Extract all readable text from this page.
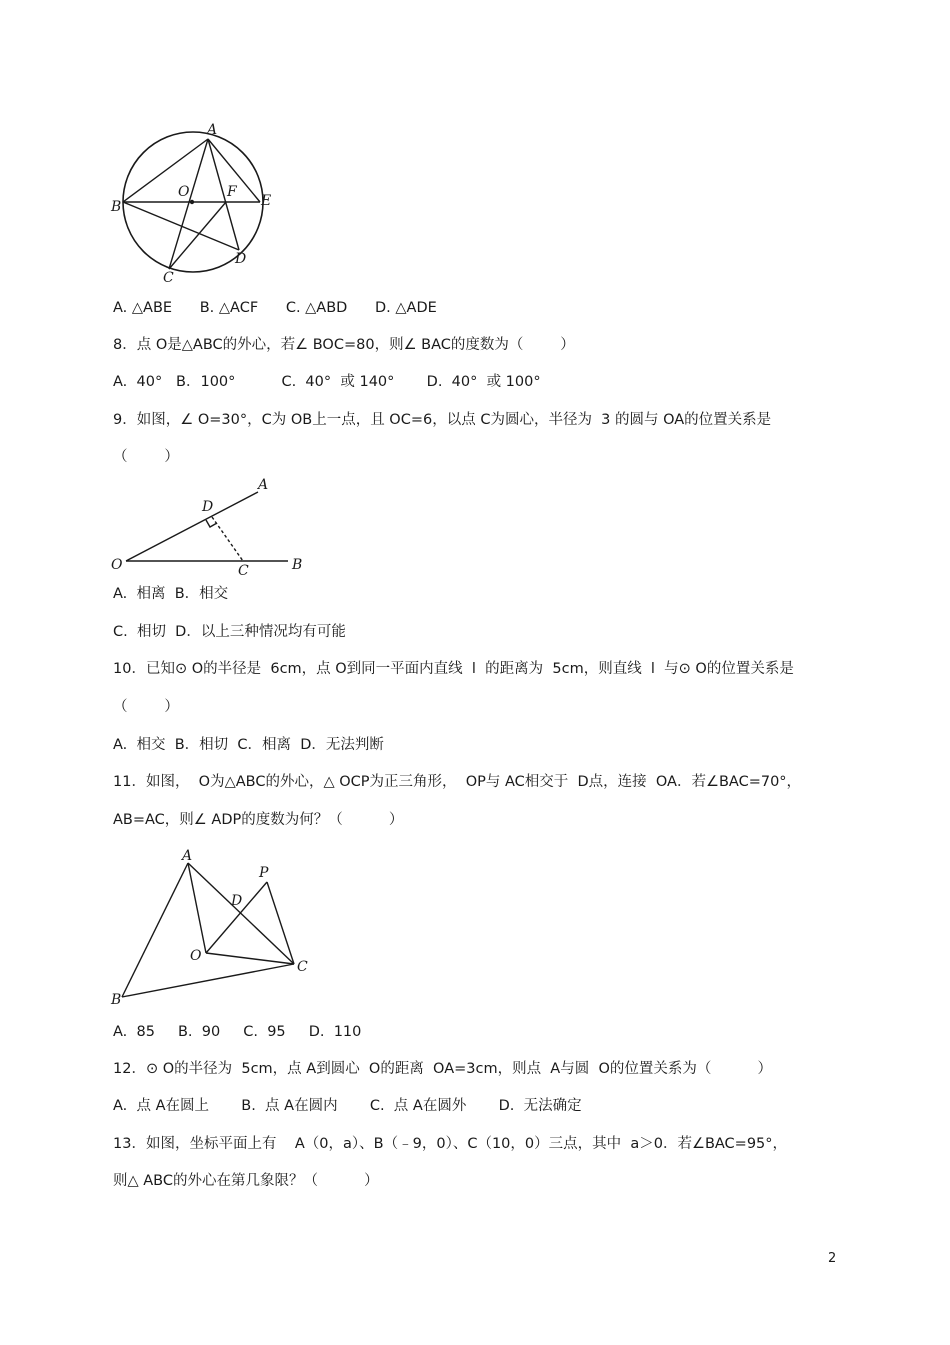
A
B
C
D
E
F
O
A. △ABE      B. △ACF      C. △ABD      D. △ADE
8．点 O是△ABC的外心，若∠ BOC=80，则∠ BAC的度数为（        ）
A.  40°   B．100°          C.  40°  或 140°       D.  40°  或 100°
9．如图，∠ O=30°，C为 OB上一点，且 OC=6，以点 C为圆心，半径为  3 的圆与 OA的位置关系是
（        ）
A
D
O	C	B
A.  相离  B．相交
C.  相切  D．以上三种情况均有可能
10．已知⊙ O的半径是  6cm，点 O到同一平面内直线  l  的距离为  5cm，则直线  l  与⊙ O的位置关系是
（        ）
A.  相交  B．相切  C．相离  D．无法判断
11．如图，  O为△ABC的外心，△ OCP为正三角形，  OP与 AC相交于  D点，连接  OA．若∠BAC=70°，
AB=AC，则∠ ADP的度数为何？（          ）
A
P
D
O
C
B
A.  85     B.  90     C.  95     D.  110
12．⊙ O的半径为  5cm，点 A到圆心  O的距离  OA=3cm，则点  A与圆  O的位置关系为（          ）
A.  点 A在圆上       B.  点 A在圆内       C.  点 A在圆外       D.  无法确定
13．如图，坐标平面上有    A（0，a）、B（﹣9，0）、C（10，0）三点，其中  a＞0．若∠BAC=95°，
则△ ABC的外心在第几象限？（          ）
2
